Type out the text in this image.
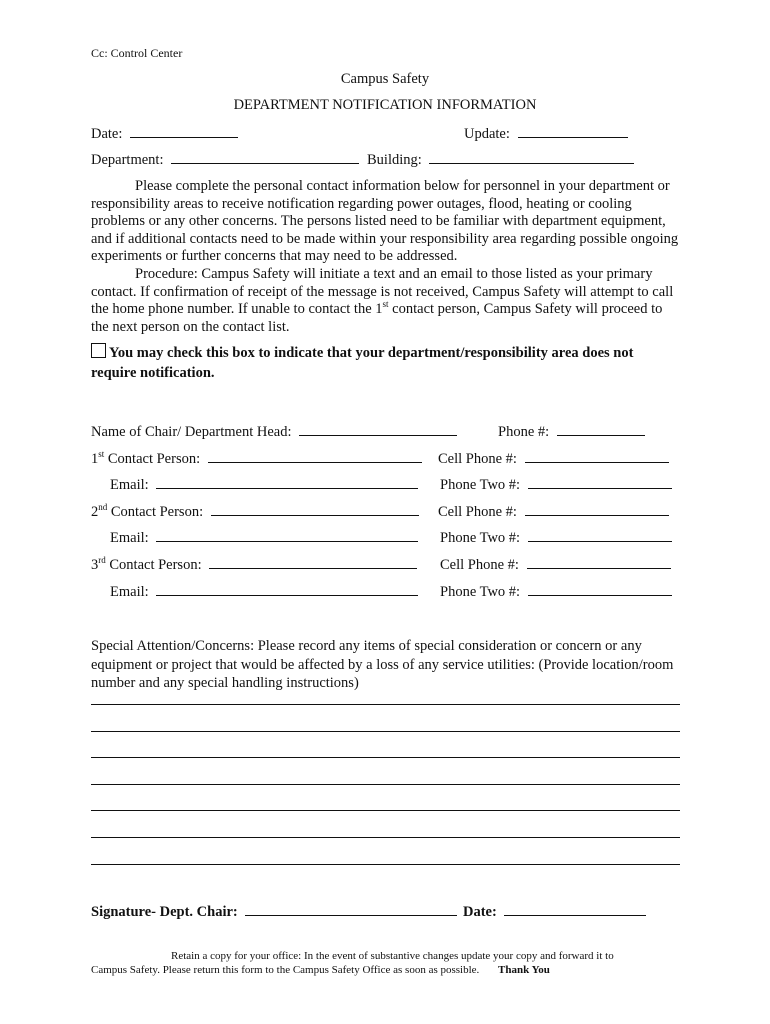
Cc: Control Center
Campus Safety
DEPARTMENT NOTIFICATION INFORMATION
Date:	Update:
Department:	Building:

Please complete the personal contact information below for personnel in your department or responsibility areas to receive notification regarding power outages, flood, heating or cooling problems or any other concerns. The persons listed need to be familiar with department equipment, and if additional contacts need to be made within your responsibility area regarding possible ongoing experiments or further concerns that may need to be addressed.

Procedure: Campus Safety will initiate a text and an email to those listed as your primary contact. If confirmation of receipt of the message is not received, Campus Safety will attempt to call the home phone number. If unable to contact the 1st contact person, Campus Safety will proceed to the next person on the contact list.

You may check this box to indicate that your department/responsibility area does not require notification.
Name of Chair/ Department Head:	Phone #:
1st Contact Person:	Cell Phone #:
Email:	Phone Two #:
2nd Contact Person:	Cell Phone #:
Email:	Phone Two #:
3rd Contact Person:	Cell Phone #:
Email:	Phone Two #:
Special Attention/Concerns: Please record any items of special consideration or concern or any equipment or project that would be affected by a loss of any service utilities: (Provide location/room number and any special handling instructions)
Signature- Dept. Chair:	Date:
Retain a copy for your office: In the event of substantive changes update your copy and forward it to
Campus Safety. Please return this form to the Campus Safety Office as soon as possible. Thank You
